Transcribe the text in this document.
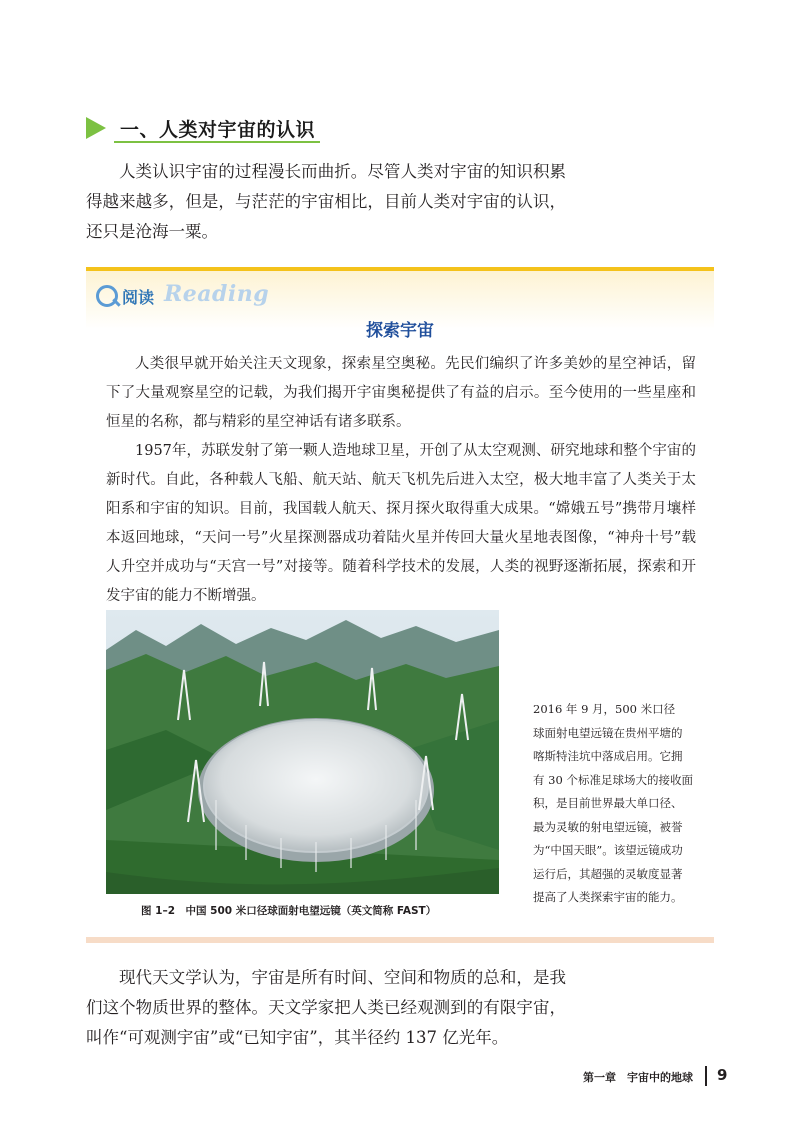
一、人类对宇宙的认识

人类认识宇宙的过程漫长而曲折。尽管人类对宇宙的知识积累得越来越多，但是，与茫茫的宇宙相比，目前人类对宇宙的认识，还只是沧海一粟。

阅读 Reading
探索宇宙

人类很早就开始关注天文现象，探索星空奥秘。先民们编织了许多美妙的星空神话，留下了大量观察星空的记载，为我们揭开宇宙奥秘提供了有益的启示。至今使用的一些星座和恒星的名称，都与精彩的星空神话有诸多联系。

1957年，苏联发射了第一颗人造地球卫星，开创了从太空观测、研究地球和整个宇宙的新时代。自此，各种载人飞船、航天站、航天飞机先后进入太空，极大地丰富了人类关于太阳系和宇宙的知识。目前，我国载人航天、探月探火取得重大成果。“嫦娥五号”携带月壤样本返回地球，“天问一号”火星探测器成功着陆火星并传回大量火星地表图像，“神舟十号”载人升空并成功与“天宫一号”对接等。随着科学技术的发展，人类的视野逐渐拓展，探索和开发宇宙的能力不断增强。

2016 年 9 月，500 米口径
球面射电望远镜在贵州平塘的
喀斯特洼坑中落成启用。它拥
有 30 个标准足球场大的接收面
积，是目前世界最大单口径、
最为灵敏的射电望远镜，被誉
为“中国天眼”。该望远镜成功
运行后，其超强的灵敏度显著
提高了人类探索宇宙的能力。
图 1–2　中国 500 米口径球面射电望远镜（英文简称 FAST）

现代天文学认为，宇宙是所有时间、空间和物质的总和，是我们这个物质世界的整体。天文学家把人类已经观测到的有限宇宙，叫作“可观测宇宙”或“已知宇宙”，其半径约 137 亿光年。

第一章　宇宙中的地球 9
